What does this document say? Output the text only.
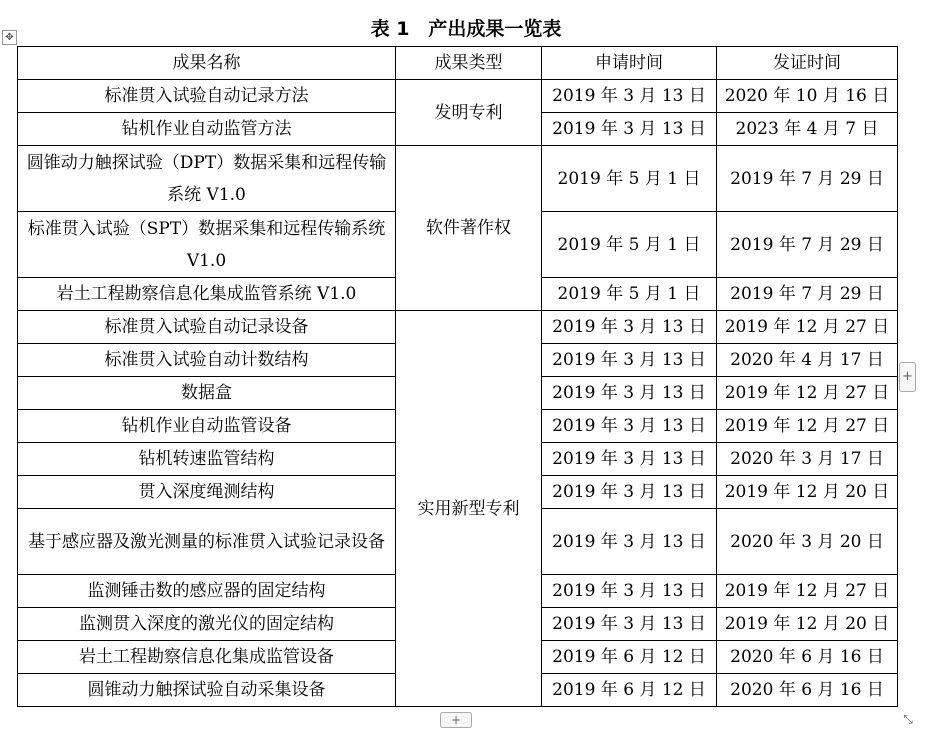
表 1　产出成果一览表
✥
成果名称	成果类型	申请时间	发证时间
标准贯入试验自动记录方法	发明专利	2019 年 3 月 13 日	2020 年 10 月 16 日
钻机作业自动监管方法		2019 年 3 月 13 日	2023 年 4 月 7 日
圆锥动力触探试验（DPT）数据采集和远程传输系统 V1.0	软件著作权	2019 年 5 月 1 日	2019 年 7 月 29 日
标准贯入试验（SPT）数据采集和远程传输系统 V1.0		2019 年 5 月 1 日	2019 年 7 月 29 日
岩土工程勘察信息化集成监管系统 V1.0		2019 年 5 月 1 日	2019 年 7 月 29 日
标准贯入试验自动记录设备	实用新型专利	2019 年 3 月 13 日	2019 年 12 月 27 日
标准贯入试验自动计数结构		2019 年 3 月 13 日	2020 年 4 月 17 日
数据盒		2019 年 3 月 13 日	2019 年 12 月 27 日
钻机作业自动监管设备		2019 年 3 月 13 日	2019 年 12 月 27 日
钻机转速监管结构		2019 年 3 月 13 日	2020 年 3 月 17 日
贯入深度绳测结构		2019 年 3 月 13 日	2019 年 12 月 20 日
基于感应器及激光测量的标准贯入试验记录设备		2019 年 3 月 13 日	2020 年 3 月 20 日
监测锤击数的感应器的固定结构		2019 年 3 月 13 日	2019 年 12 月 27 日
监测贯入深度的激光仪的固定结构		2019 年 3 月 13 日	2019 年 12 月 20 日
岩土工程勘察信息化集成监管设备		2019 年 6 月 12 日	2020 年 6 月 16 日
圆锥动力触探试验自动采集设备		2019 年 6 月 12 日	2020 年 6 月 16 日
+
+	⤡
